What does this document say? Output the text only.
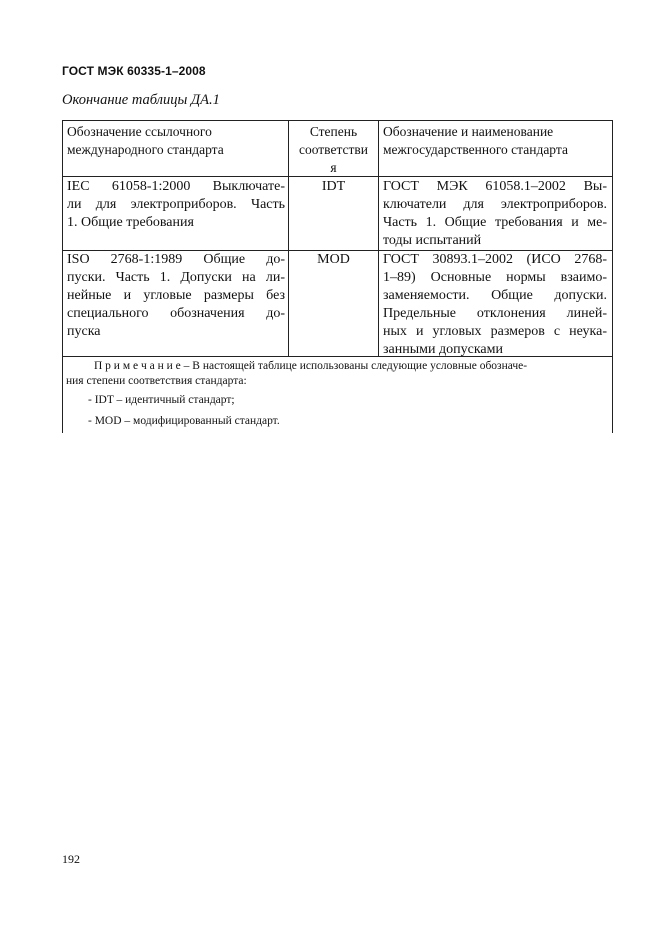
ГОСТ МЭК 60335-1–2008
Окончание таблицы ДА.1
Обозначение ссылочного
международного стандарта
Степень
соответстви
я
Обозначение и наименование
межгосударственного стандарта
IEC 61058-1:2000 Выключате-
ли для электроприборов. Часть
1. Общие требования
IDT	ГОСТ МЭК 61058.1–2002 Вы-
ключатели для электроприборов.
Часть 1. Общие требования и ме-
тоды испытаний
ISO 2768-1:1989 Общие до-
пуски. Часть 1. Допуски на ли-
нейные и угловые размеры без
специального обозначения до-
пуска
MOD	ГОСТ 30893.1–2002 (ИСО 2768-
1–89) Основные нормы взаимо-
заменяемости. Общие допуски.
Предельные отклонения линей-
ных и угловых размеров с неука-
занными допусками
П р и м е ч а н и е – В настоящей таблице использованы следующие условные обозначе-
ния степени соответствия стандарта:
- IDT – идентичный стандарт;
- MOD – модифицированный стандарт.
192
